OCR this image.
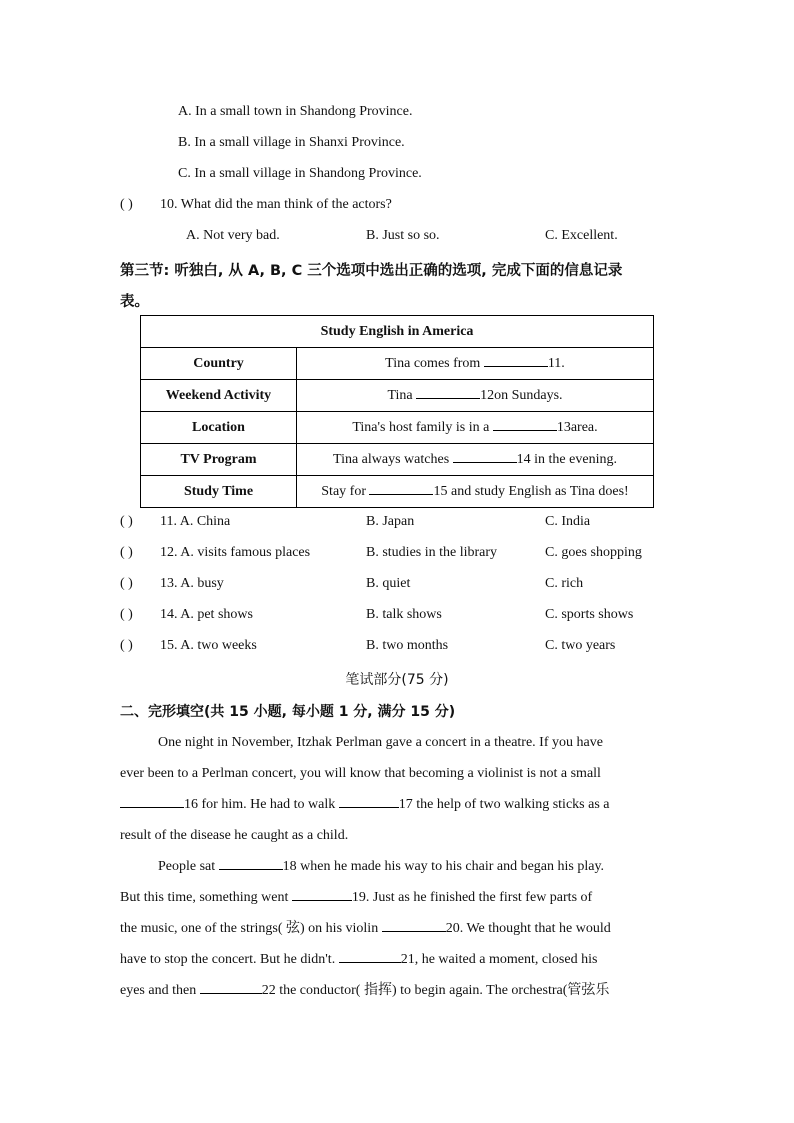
A. In a small town in Shandong Province.
B. In a small village in Shanxi Province.
C. In a small village in Shandong Province.
( ) 10. What did the man think of the actors?
A. Not very bad.	B. Just so so.	C. Excellent.
第三节: 听独白, 从 A, B, C 三个选项中选出正确的选项, 完成下面的信息记录
表。
Study English in America	
Country	Tina comes from 11.
Weekend Activity	Tina 12on Sundays.
Location	Tina's host family is in a 13area.
TV Program	Tina always watches 14 in the evening.
Study Time	Stay for 15 and study English as Tina does!
( ) 11. A. China	B. Japan	C. India
( ) 12. A. visits famous places	B. studies in the library	C. goes shopping
( ) 13. A. busy	B. quiet	C. rich
( ) 14. A. pet shows	B. talk shows	C. sports shows
( ) 15. A. two weeks	B. two months	C. two years
笔试部分(75 分)
二、完形填空(共 15 小题, 每小题 1 分, 满分 15 分)
One night in November, Itzhak Perlman gave a concert in a theatre. If you have
ever been to a Perlman concert, you will know that becoming a violinist is not a small
16 for him. He had to walk	17 the help of two walking sticks as a
result of the disease he caught as a child.
People sat	18 when he made his way to his chair and began his play.
But this time, something went	19. Just as he finished the first few parts of
the music, one of the strings( 弦) on his violin	20. We thought that he would
have to stop the concert. But he didn't.	21, he waited a moment, closed his
eyes and then	22 the conductor( 指挥) to begin again. The orchestra(管弦乐
